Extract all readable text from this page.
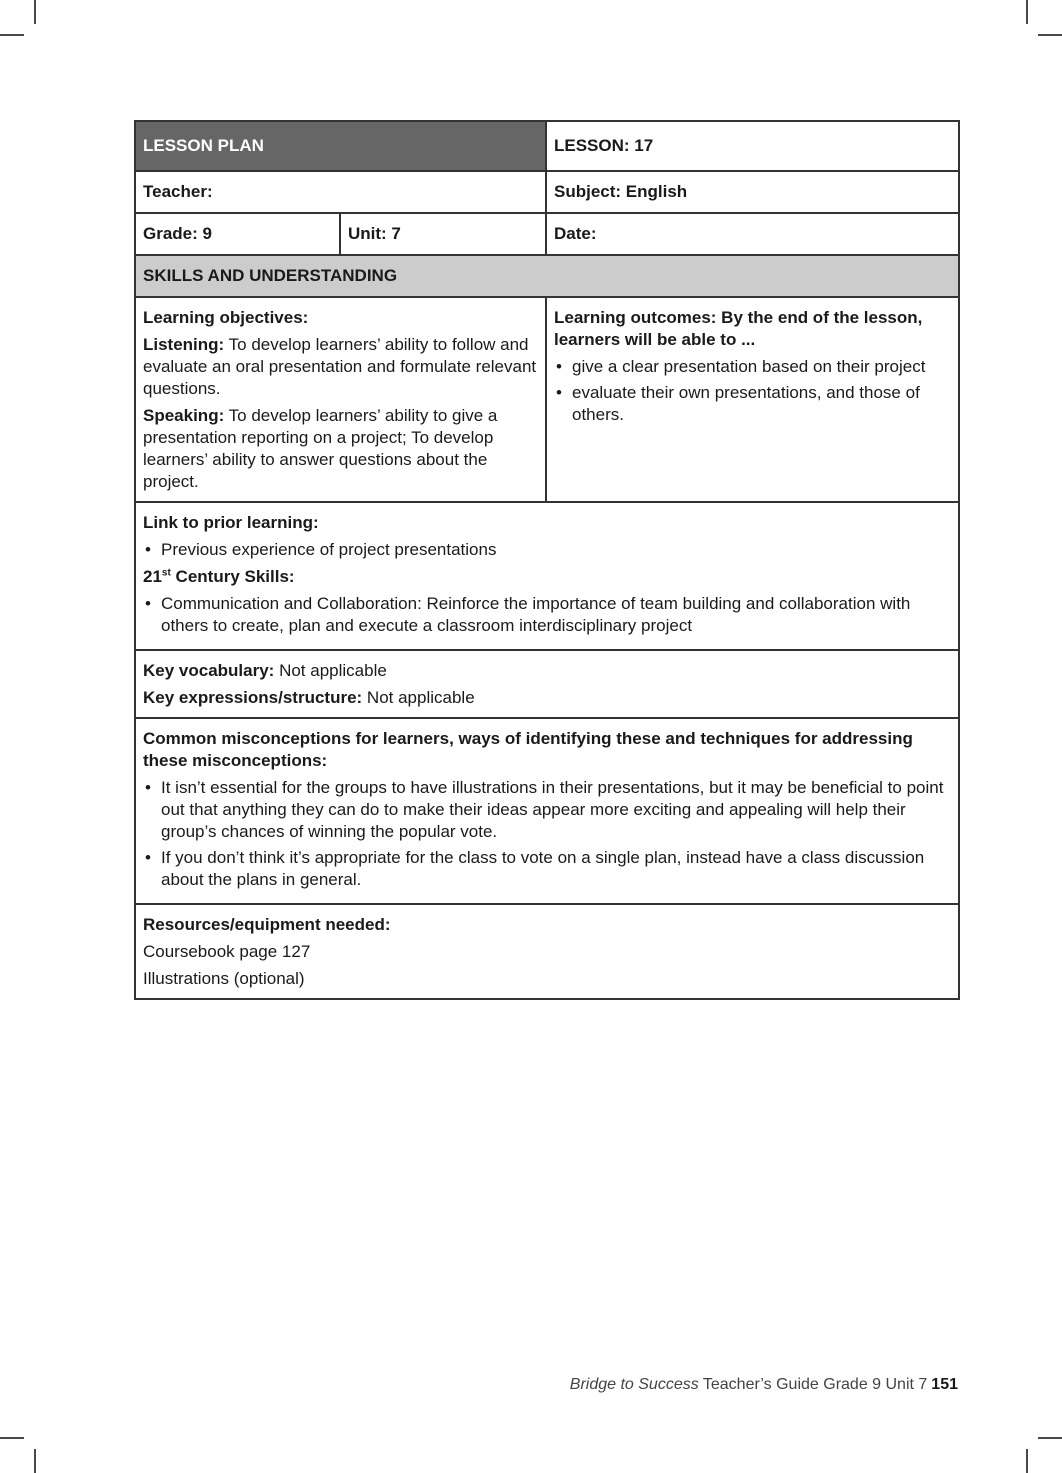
LESSON PLAN		LESSON: 17
Teacher:		Subject: English
Grade: 9	Unit: 7	Date:
SKILLS AND UNDERSTANDING		

Learning objectives:

Listening: To develop learners’ ability to follow and evaluate an oral presentation and formulate relevant questions.

Speaking: To develop learners’ ability to give a presentation reporting on a project; To develop learners’ ability to answer questions about the project.

Learning outcomes: By the end of the lesson, learners will be able to ...

• give a clear presentation based on their project
• evaluate their own presentations, and those of others.

Link to prior learning:

• Previous experience of project presentations

21st Century Skills:

• Communication and Collaboration: Reinforce the importance of team building and collaboration with others to create, plan and execute a classroom interdisciplinary project

Key vocabulary: Not applicable

Key expressions/structure: Not applicable		

Common misconceptions for learners, ways of identifying these and techniques for addressing these misconceptions:

• It isn’t essential for the groups to have illustrations in their presentations, but it may be beneficial to point out that anything they can do to make their ideas appear more exciting and appealing will help their group’s chances of winning the popular vote.
• If you don’t think it’s appropriate for the class to vote on a single plan, instead have a class discussion about the plans in general.

Resources/equipment needed:

Coursebook page 127

Illustrations (optional)		

Bridge to Success Teacher’s Guide Grade 9 Unit 7 151
